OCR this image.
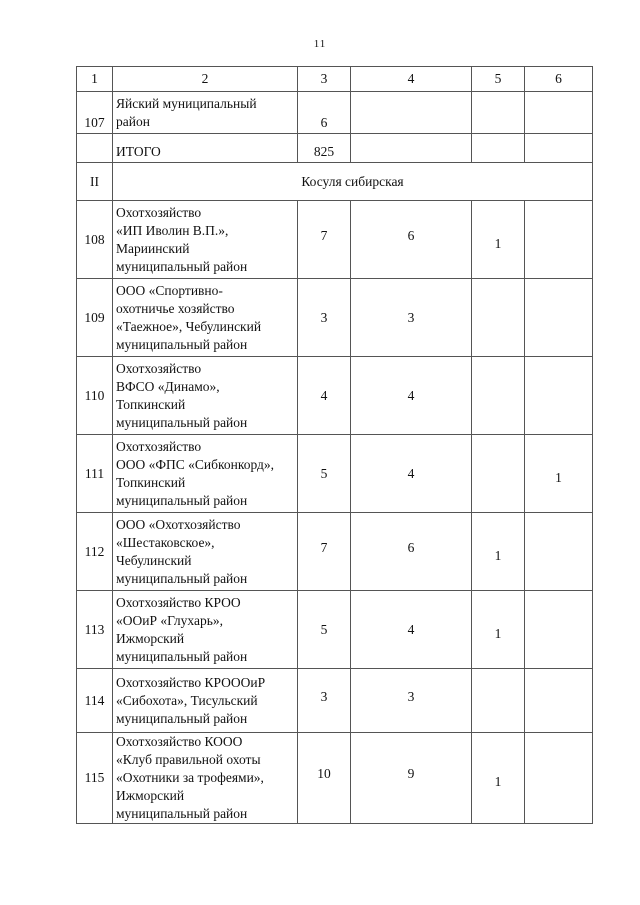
11
1	2	3	4	5	6
107	Яйский муниципальный
район	6			
	ИТОГО	825			
II	Косуля сибирская				
108	Охотхозяйство
«ИП Иволин В.П.»,
Мариинский
муниципальный район	7	6	1	
109	ООО «Спортивно-
охотничье хозяйство
«Таежное», Чебулинский
муниципальный район	3	3		
110	Охотхозяйство
ВФСО «Динамо»,
Топкинский
муниципальный район	4	4		
111	Охотхозяйство
ООО «ФПС «Сибконкорд»,
Топкинский
муниципальный район	5	4		1
112	ООО «Охотхозяйство
«Шестаковское»,
Чебулинский
муниципальный район	7	6	1	
113	Охотхозяйство КРОО
«ООиР «Глухарь»,
Ижморский
муниципальный район	5	4	1	
114	Охотхозяйство КРОООиР
«Сибохота», Тисульский
муниципальный район	3	3		
115	Охотхозяйство КООО
«Клуб правильной охоты
«Охотники за трофеями»,
Ижморский
муниципальный район	10	9	1	
